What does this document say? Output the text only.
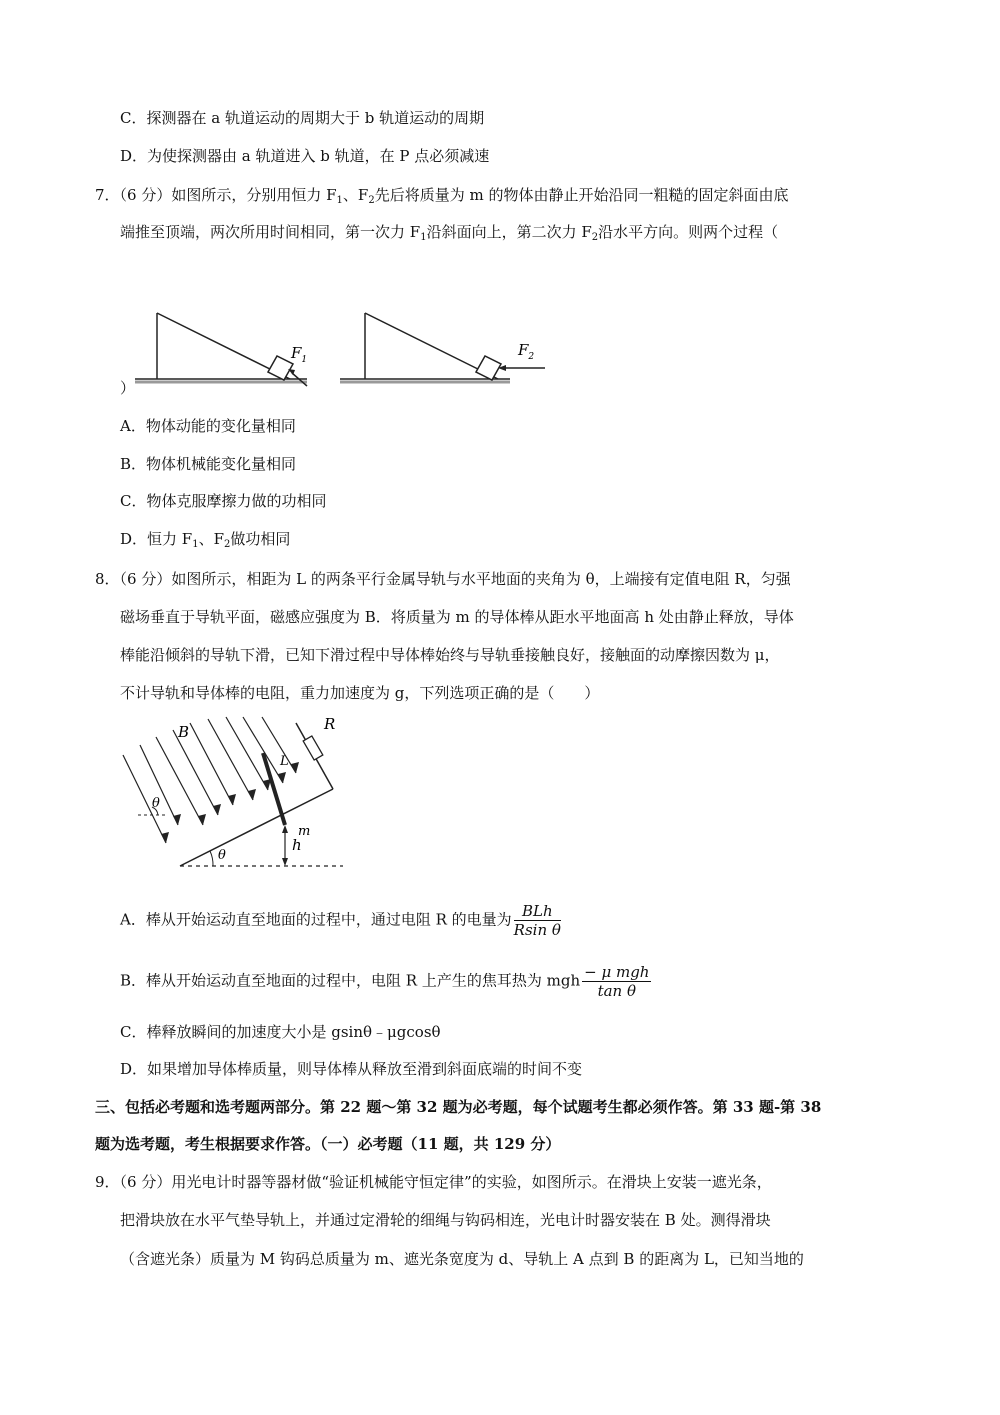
C．探测器在 a 轨道运动的周期大于 b 轨道运动的周期
D．为使探测器由 a 轨道进入 b 轨道，在 P 点必须减速
7．（6 分）如图所示，分别用恒力 $F_1$、$F_2$先后将质量为 m 的物体由静止开始沿同一粗糙的固定斜面由底
端推至顶端，两次所用时间相同，第一次力 $F_1$沿斜面向上，第二次力 $F_2$沿水平方向。则两个过程（
$F_1$
$F_2$
）
A．物体动能的变化量相同
B．物体机械能变化量相同
C．物体克服摩擦力做的功相同
D．恒力 $F_1$、$F_2$做功相同
8．（6 分）如图所示，相距为 L 的两条平行金属导轨与水平地面的夹角为 θ，上端接有定值电阻 R，匀强
磁场垂直于导轨平面，磁感应强度为 B．将质量为 m 的导体棒从距水平地面高 h 处由静止释放，导体
棒能沿倾斜的导轨下滑，已知下滑过程中导体棒始终与导轨垂接触良好，接触面的动摩擦因数为 μ，
不计导轨和导体棒的电阻，重力加速度为 g，下列选项正确的是（　　）
B	R
L
m
h
θ
θ
A．棒从开始运动直至地面的过程中，通过电阻 R 的电量为 $\frac{\text{BLh}}{\text{Rsin θ}}$
B．棒从开始运动直至地面的过程中，电阻 R 上产生的焦耳热为 mgh $\frac{\text{− μ mgh}}{\text{tan θ}}$
C．棒释放瞬间的加速度大小是 gsinθ﹣μgcosθ
D．如果增加导体棒质量，则导体棒从释放至滑到斜面底端的时间不变
三、包括必考题和选考题两部分。第 22 题～第 32 题为必考题，每个试题考生都必须作答。第 33 题-第 38
题为选考题，考生根据要求作答。（一）必考题（11 题，共 129 分）
9．（6 分）用光电计时器等器材做“验证机械能守恒定律”的实验，如图所示。在滑块上安装一遮光条，
把滑块放在水平气垫导轨上，并通过定滑轮的细绳与钩码相连，光电计时器安装在 B 处。测得滑块
（含遮光条）质量为 M 钩码总质量为 m、遮光条宽度为 d、导轨上 A 点到 B 的距离为 L，已知当地的
